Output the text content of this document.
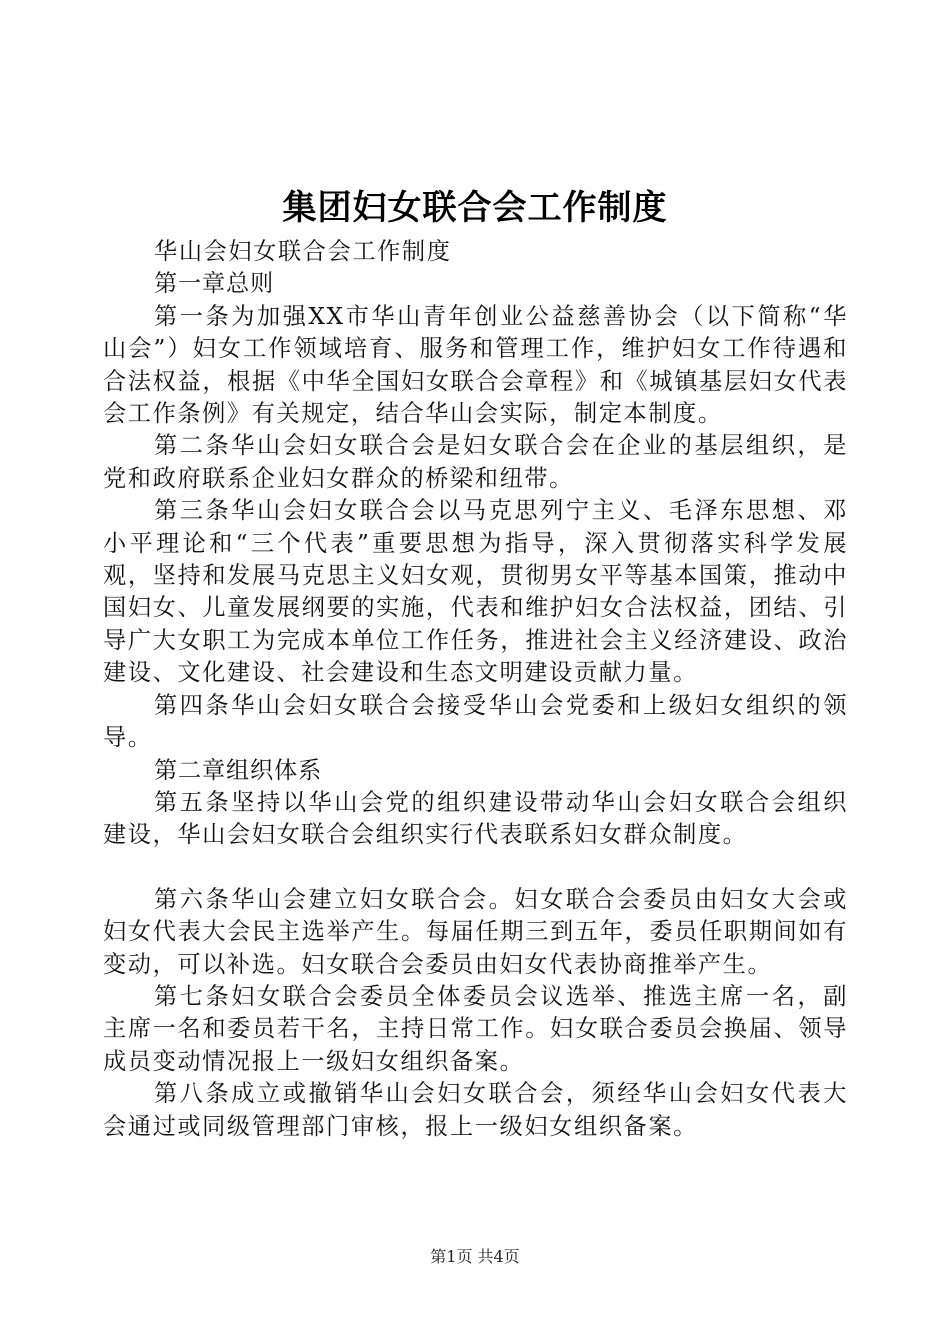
集团妇女联合会工作制度

华山会妇女联合会工作制度

第一章总则

第一条为加强XX市华山青年创业公益慈善协会（以下简称“华山会”）妇女工作领域培育、服务和管理工作，维护妇女工作待遇和合法权益，根据《中华全国妇女联合会章程》和《城镇基层妇女代表会工作条例》有关规定，结合华山会实际，制定本制度。

第二条华山会妇女联合会是妇女联合会在企业的基层组织，是党和政府联系企业妇女群众的桥梁和纽带。

第三条华山会妇女联合会以马克思列宁主义、毛泽东思想、邓小平理论和“三个代表”重要思想为指导，深入贯彻落实科学发展观，坚持和发展马克思主义妇女观，贯彻男女平等基本国策，推动中国妇女、儿童发展纲要的实施，代表和维护妇女合法权益，团结、引导广大女职工为完成本单位工作任务，推进社会主义经济建设、政治建设、文化建设、社会建设和生态文明建设贡献力量。

第四条华山会妇女联合会接受华山会党委和上级妇女组织的领导。

第二章组织体系

第五条坚持以华山会党的组织建设带动华山会妇女联合会组织建设，华山会妇女联合会组织实行代表联系妇女群众制度。

第六条华山会建立妇女联合会。妇女联合会委员由妇女大会或妇女代表大会民主选举产生。每届任期三到五年，委员任职期间如有变动，可以补选。妇女联合会委员由妇女代表协商推举产生。

第七条妇女联合会委员全体委员会议选举、推选主席一名，副主席一名和委员若干名，主持日常工作。妇女联合委员会换届、领导成员变动情况报上一级妇女组织备案。

第八条成立或撤销华山会妇女联合会，须经华山会妇女代表大会通过或同级管理部门审核，报上一级妇女组织备案。

第1页 共4页
